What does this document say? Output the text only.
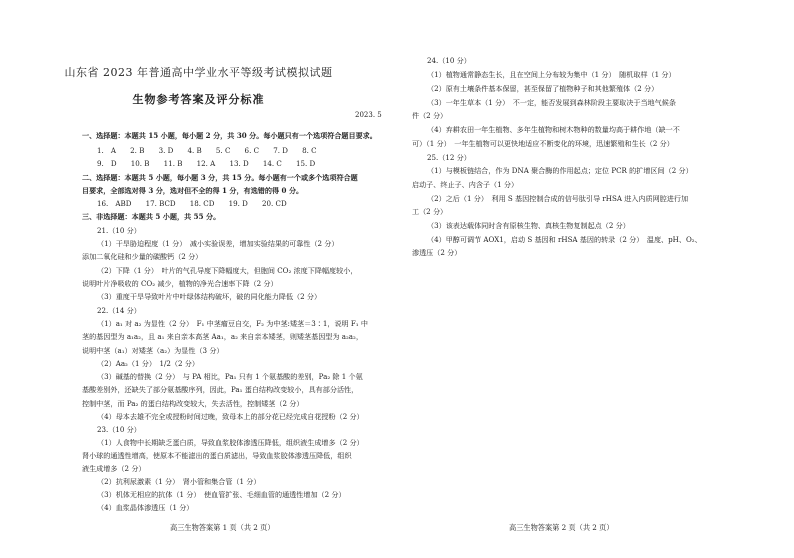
山东省 2023 年普通高中学业水平等级考试模拟试题
生物参考答案及评分标准
2023. 5
一、选择题：本题共 15 小题，每小题 2 分，共 30 分。每小题只有一个选项符合题目要求。
1.　A　　2. B　　3. D　　4. B　　5. C　　6. C　　7. D　　8. C
9.　D　　10. B　　11. B　　12. A　　13. D　　14. C　　15. D
二、选择题：本题共 5 小题，每小题 3 分，共 15 分。每小题有一个或多个选项符合题
目要求，全部选对得 3 分，选对但不全的得 1 分，有选错的得 0 分。
16.　ABD　　17. BCD　　18. CD　　19. D　　20. CD
三、非选择题：本题共 5 小题，共 55 分。
21.（10 分）
（1）干旱胁迫程度（1 分）　减小实验误差，增加实验结果的可靠性（2 分）
添加二氧化硅和少量的碳酸钙（2 分）
（2）下降（1 分）　叶片的气孔导度下降幅度大，但胞间 CO₂ 浓度下降幅度较小，
说明叶片净吸收的 CO₂ 减少，植物的净光合速率下降（2 分）
（3）重度干旱导致叶片中叶绿体结构破坏，破的同化能力降低（2 分）
22.（14 分）
（1）a₁ 对 a₂ 为显性（2 分）　F₁ 中茎瘤豆自交，F₂ 为中茎:矮茎＝3∶1，说明 F₁ 中
茎的基因型为 a₁a₂，且 a₁ 来自亲本高茎 Aa₁，a₂ 来自亲本矮茎，则矮茎基因型为 a₂a₂，
说明中茎（a₁）对矮茎（a₂）为显性（3 分）
（2）Aa₂（1 分）　1/2（2 分）
（3）碱基的替换（2 分）　与 PA 相比，Pa₁ 只有 1 个氨基酸的差别，Pa₂ 除 1 个氨
基酸差别外，还缺失了部分氨基酸序列，因此，Pa₁ 蛋白结构改变较小，具有部分活性，
控制中茎，而 Pa₂ 的蛋白结构改变较大，失去活性，控制矮茎（2 分）
（4）母本去雄不完全或授粉时间过晚，致母本上的部分花已经完成自花授粉（2 分）
23.（10 分）
（1）人食物中长期缺乏蛋白质，导致血浆胶体渗透压降低，组织液生成增多（2 分）
肾小球的通透性增高，使原本不能滤出的蛋白质滤出，导致血浆胶体渗透压降低，组织
液生成增多（2 分）
（2）抗利尿激素（1 分）　肾小管和集合管（1 分）
（3）机体无相应的抗体（1 分）　使血管扩张、毛细血管的通透性增加（2 分）
（4）血浆晶体渗透压（1 分）
高三生物答案第 1 页（共 2 页）
24.（10 分）
（1）植物通常静态生长，且在空间上分布较为集中（1 分）　随机取样（1 分）
（2）原有土壤条件基本保留，甚至保留了植物种子和其他繁殖体（2 分）
（3）一年生草本（1 分）　不一定，能否发展到森林阶段主要取决于当地气候条
件（2 分）
（4）弃耕农田一年生植物、多年生植物和树木物种的数量均高于耕作地（缺一不
可）（1 分）　一年生植物可以更快地适应不断变化的环境，迅速繁殖和生长（2 分）
25.（12 分）
（1）与模板链结合，作为 DNA 聚合酶的作用起点；定位 PCR 的扩增区间（2 分）
启动子、终止子、内含子（1 分）
（2）之后（1 分）　利用 S 基因控制合成的信号肽引导 rHSA 进入内质网腔进行加
工（2 分）
（3）该表达载体同时含有原核生物、真核生物复制起点（2 分）
（4）甲醇可调节 AOX1，启动 S 基因和 rHSA 基因的转录（2 分）　温度、pH、O₂、
渗透压（2 分）
高三生物答案第 2 页（共 2 页）
